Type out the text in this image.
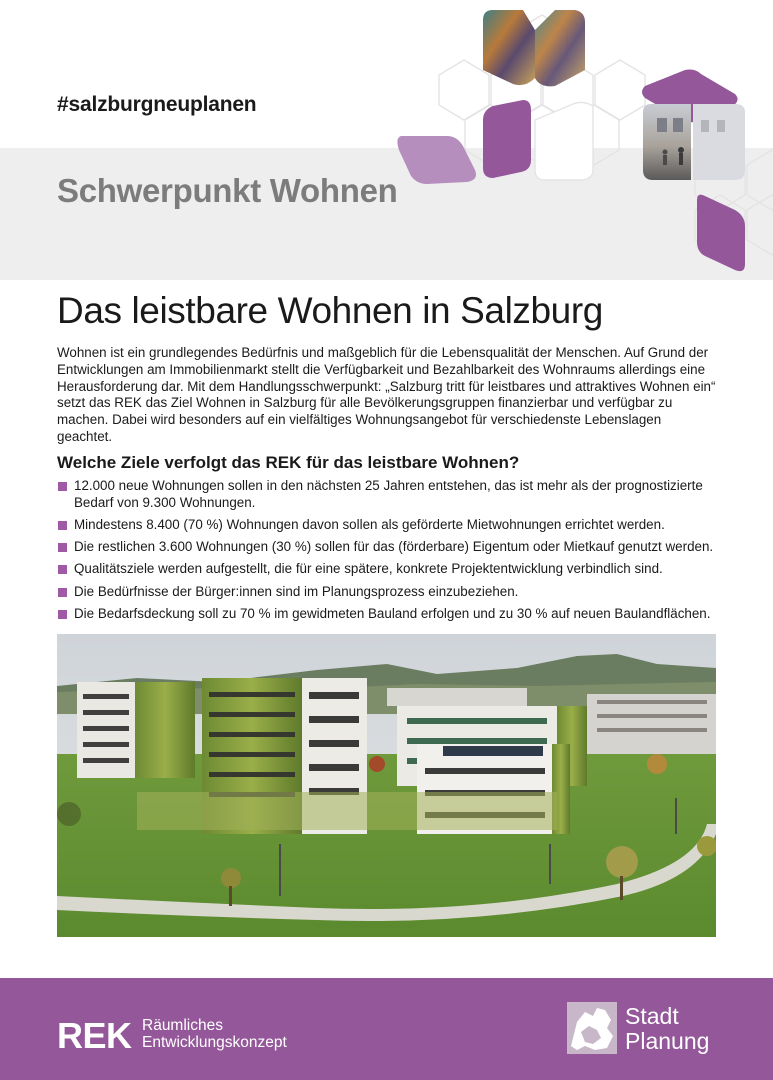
#salzburgneuplanen
Schwerpunkt Wohnen
Das leistbare Wohnen in Salzburg

Wohnen ist ein grundlegendes Bedürfnis und maßgeblich für die Lebensqualität der Menschen. Auf Grund der Entwicklungen am Immobilienmarkt stellt die Verfügbarkeit und Bezahlbarkeit des Wohnraums allerdings eine Herausforderung dar. Mit dem Handlungsschwerpunkt: „Salzburg tritt für leistbares und attraktives Wohnen ein“ setzt das REK das Ziel Wohnen in Salzburg für alle Bevölkerungsgruppen finanzierbar und verfügbar zu machen. Dabei wird besonders auf ein vielfältiges Wohnungsangebot für verschiedenste Lebenslagen geachtet.

Welche Ziele verfolgt das REK für das leistbare Wohnen?
12.000 neue Wohnungen sollen in den nächsten 25 Jahren entstehen, das ist mehr als der prognostizierte Bedarf von 9.300 Wohnungen.
Mindestens 8.400 (70 %) Wohnungen davon sollen als geförderte Mietwohnungen errichtet werden.
Die restlichen 3.600 Wohnungen (30 %) sollen für das (förderbare) Eigentum oder Mietkauf genutzt werden.
Qualitätsziele werden aufgestellt, die für eine spätere, konkrete Projektentwicklung verbindlich sind.
Die Bedürfnisse der Bürger:innen sind im Planungsprozess einzubeziehen.
Die Bedarfsdeckung soll zu 70 % im gewidmeten Bauland erfolgen und zu 30 % auf neuen Baulandflächen.
REK Räumliches
Entwicklungskonzept
Stadt
Planung
